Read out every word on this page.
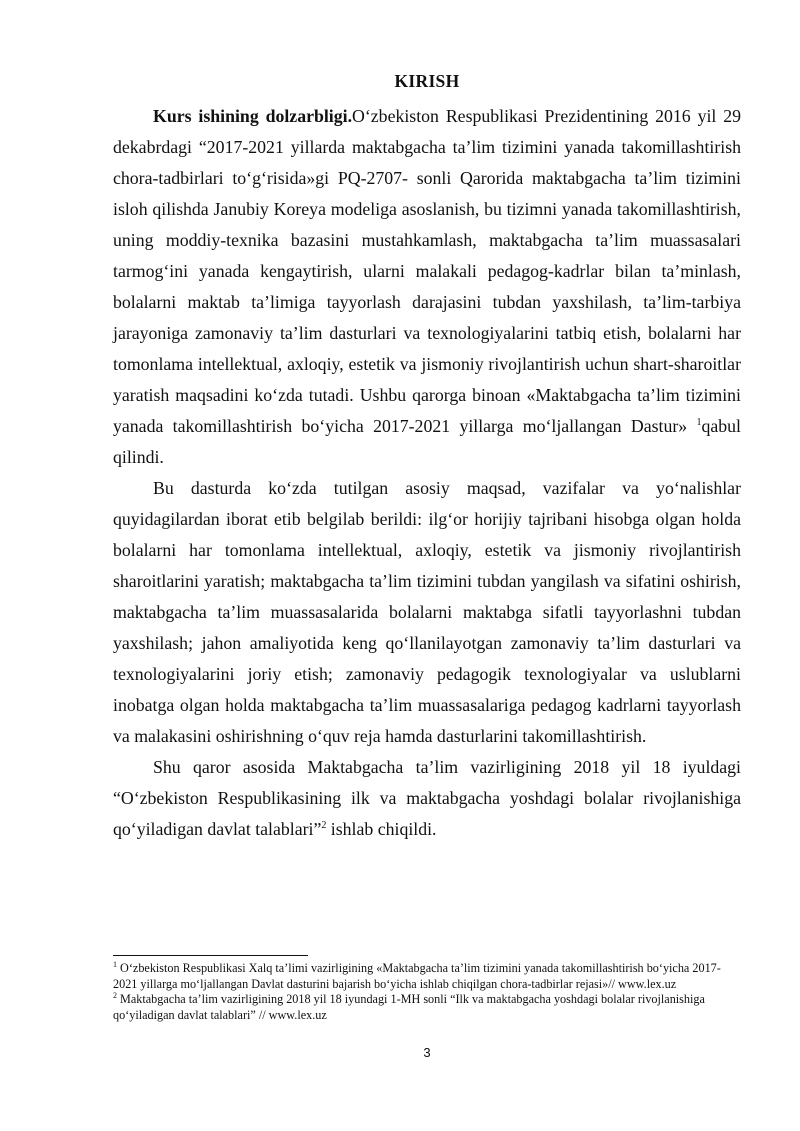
KIRISH

Kurs ishining dolzarbligi.O‘zbekiston Respublikasi Prezidentining 2016 yil 29 dekabrdagi “2017-2021 yillarda maktabgacha ta’lim tizimini yanada takomillashtirish chora-tadbirlari to‘g‘risida»gi PQ-2707- sonli Qarorida maktabgacha ta’lim tizimini isloh qilishda Janubiy Koreya modeliga asoslanish, bu tizimni yanada takomillashtirish, uning moddiy-texnika bazasini mustahkamlash, maktabgacha ta’lim muassasalari tarmog‘ini yanada kengaytirish, ularni malakali pedagog-kadrlar bilan ta’minlash, bolalarni maktab ta’limiga tayyorlash darajasini tubdan yaxshilash, ta’lim-tarbiya jarayoniga zamonaviy ta’lim dasturlari va texnologiyalarini tatbiq etish, bolalarni har tomonlama intellektual, axloqiy, estetik va jismoniy rivojlantirish uchun shart-sharoitlar yaratish maqsadini ko‘zda tutadi. Ushbu qarorga binoan «Maktabgacha ta’lim tizimini yanada takomillashtirish bo‘yicha 2017-2021 yillarga mo‘ljallangan Dastur» $^1$qabul qilindi.

Bu dasturda ko‘zda tutilgan asosiy maqsad, vazifalar va yo‘nalishlar quyidagilardan iborat etib belgilab berildi: ilg‘or horijiy tajribani hisobga olgan holda bolalarni har tomonlama intellektual, axloqiy, estetik va jismoniy rivojlantirish sharoitlarini yaratish; maktabgacha ta’lim tizimini tubdan yangilash va sifatini oshirish, maktabgacha ta’lim muassasalarida bolalarni maktabga sifatli tayyorlashni tubdan yaxshilash; jahon amaliyotida keng qo‘llanilayotgan zamonaviy ta’lim dasturlari va texnologiyalarini joriy etish; zamonaviy pedagogik texnologiyalar va uslublarni inobatga olgan holda maktabgacha ta’lim muassasalariga pedagog kadrlarni tayyorlash va malakasini oshirishning o‘quv reja hamda dasturlarini takomillashtirish.

Shu qaror asosida Maktabgacha ta’lim vazirligining 2018 yil 18 iyuldagi “O‘zbekiston Respublikasining ilk va maktabgacha yoshdagi bolalar rivojlanishiga qo‘yiladigan davlat talablari”$^2$ ishlab chiqildi.

$^1$ O‘zbekiston Respublikasi Xalq ta’limi vazirligining «Maktabgacha ta’lim tizimini yanada takomillashtirish bo‘yicha 2017-2021 yillarga mo‘ljallangan Davlat dasturini bajarish bo‘yicha ishlab chiqilgan chora-tadbirlar rejasi»// www.lex.uz

$^2$ Maktabgacha ta’lim vazirligining 2018 yil 18 iyundagi 1-MH sonli “Ilk va maktabgacha yoshdagi bolalar rivojlanishiga qo‘yiladigan davlat talablari” // www.lex.uz

3
